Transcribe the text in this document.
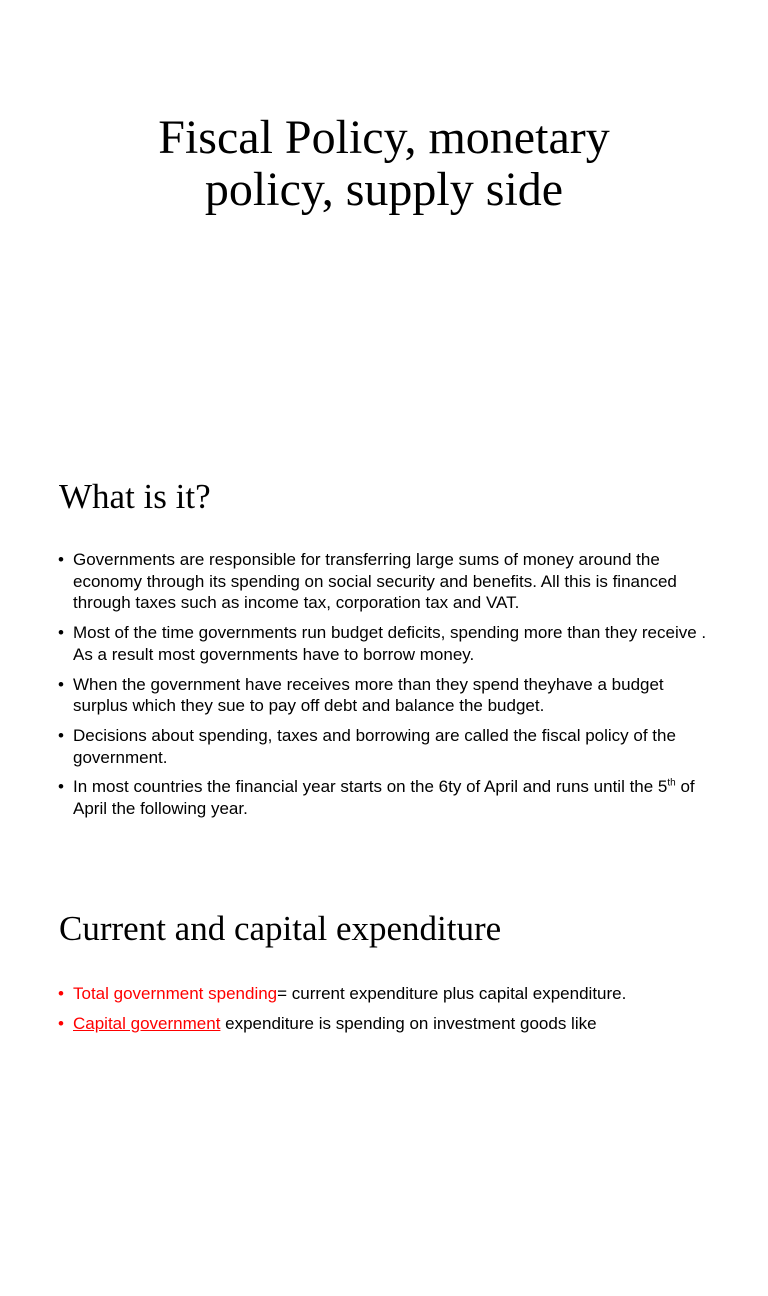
Fiscal Policy, monetary
policy, supply side
What is it?
• Governments are responsible for transferring large sums of money around the economy through its spending on social security and benefits. All this is financed through taxes such as income tax, corporation tax and VAT.
• Most of the time governments run budget deficits, spending more than they receive . As a result most governments have to borrow money.
• When the government have receives more than they spend theyhave a budget surplus which they sue to pay off debt and balance the budget.
• Decisions about spending, taxes and borrowing are called the fiscal policy of the government.
• In most countries the financial year starts on the 6ty of April and runs until the 5th of April the following year.
Current and capital expenditure
• Total government spending= current expenditure plus capital expenditure.
• Capital government expenditure is spending on investment goods like
